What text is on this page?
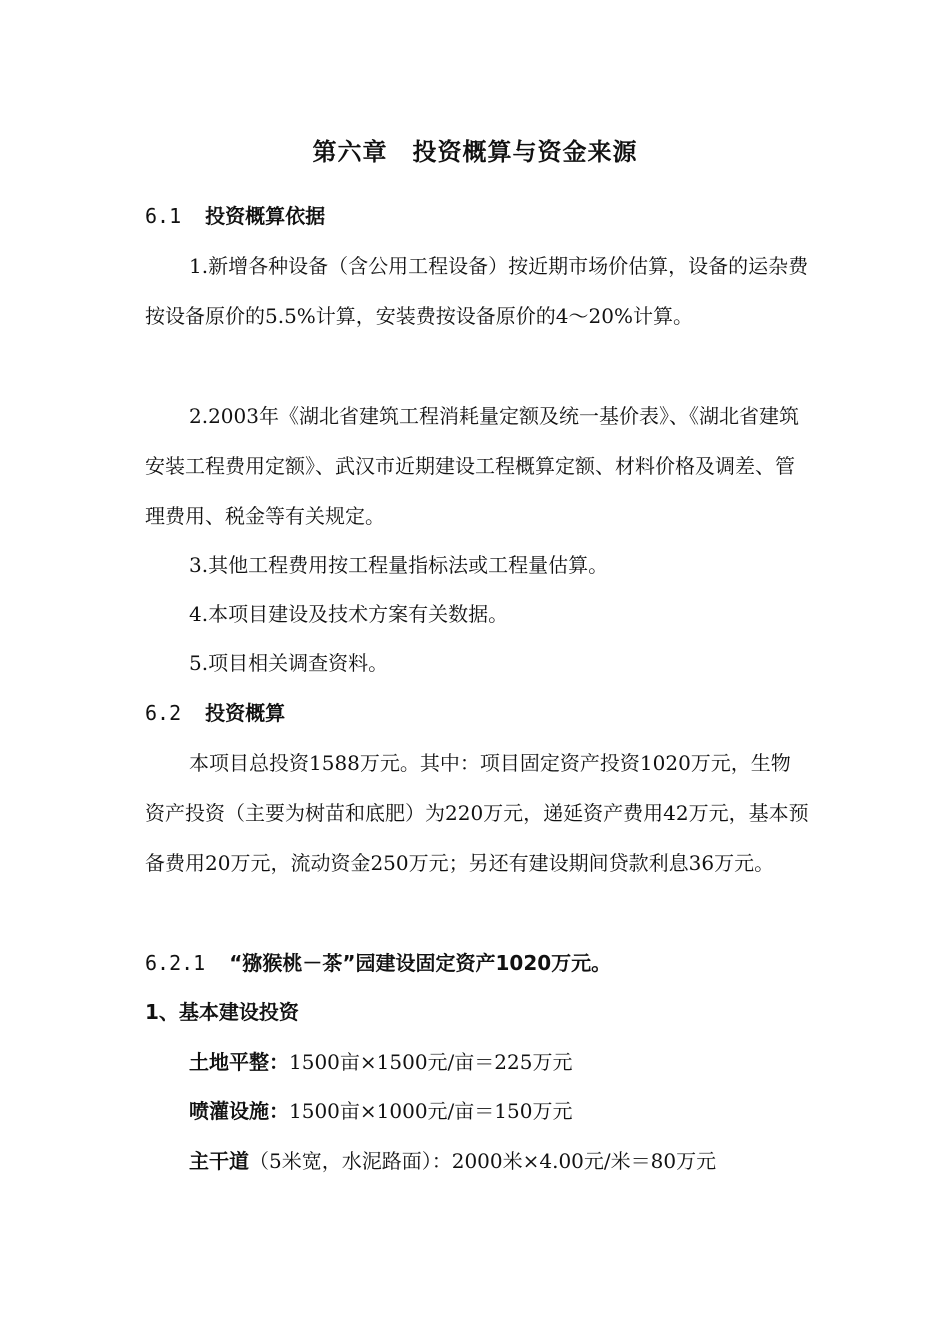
第六章　投资概算与资金来源
6.1 投资概算依据
1.新增各种设备（含公用工程设备）按近期市场价估算，设备的运杂费按设备原价的5.5%计算，安装费按设备原价的4～20%计算。
2.2003年《湖北省建筑工程消耗量定额及统一基价表》、《湖北省建筑安装工程费用定额》、武汉市近期建设工程概算定额、材料价格及调差、管理费用、税金等有关规定。
3.其他工程费用按工程量指标法或工程量估算。
4.本项目建设及技术方案有关数据。
5.项目相关调查资料。
6.2 投资概算
本项目总投资1588万元。其中：项目固定资产投资1020万元，生物资产投资（主要为树苗和底肥）为220万元，递延资产费用42万元，基本预备费用20万元，流动资金250万元；另还有建设期间贷款利息36万元。
6.2.1 “猕猴桃－茶”园建设固定资产1020万元。
1、基本建设投资
土地平整：1500亩×1500元/亩＝225万元
喷灌设施：1500亩×1000元/亩＝150万元
主干道（5米宽，水泥路面）：2000米×4.00元/米＝80万元
